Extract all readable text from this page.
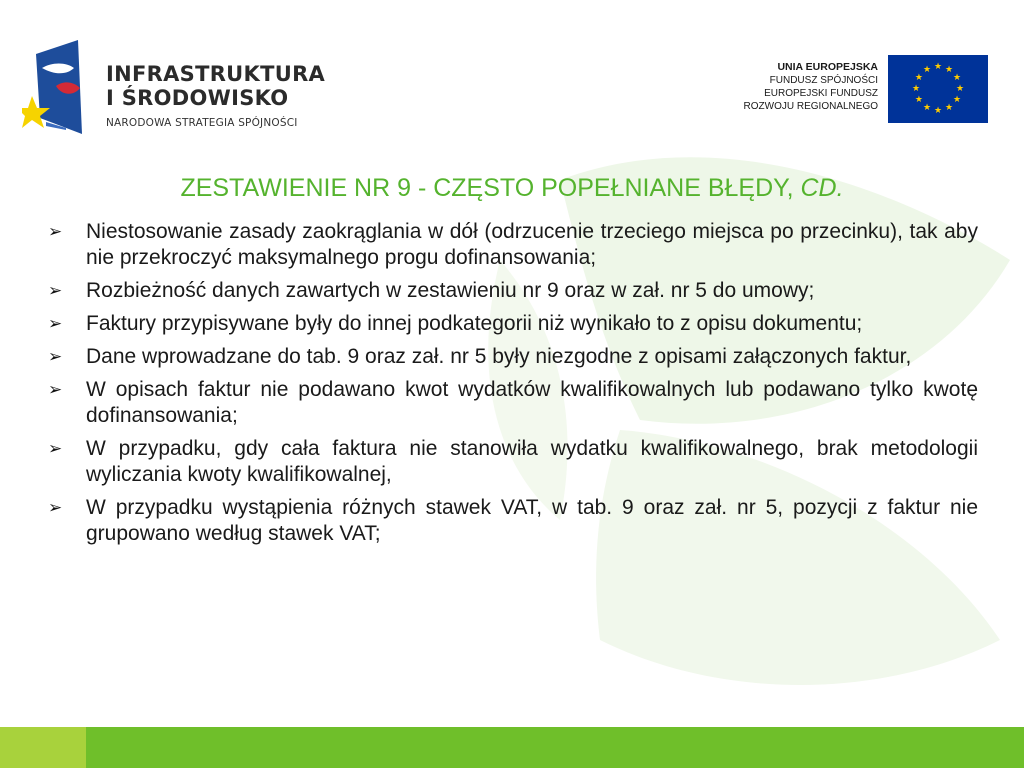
INFRASTRUKTURA
I ŚRODOWISKO
NARODOWA STRATEGIA SPÓJNOŚCI
UNIA EUROPEJSKA
FUNDUSZ SPÓJNOŚCI
EUROPEJSKI FUNDUSZ
ROZWOJU REGIONALNEGO
★ ★
★
★
★
★
★
★
★
★
★
★
ZESTAWIENIE NR 9 - CZĘSTO POPEŁNIANE BŁĘDY, CD.
➢ Niestosowanie zasady zaokrąglania w dół (odrzucenie trzeciego miejsca po przecinku), tak aby nie przekroczyć maksymalnego progu dofinansowania;
➢ Rozbieżność danych zawartych w zestawieniu nr 9 oraz w zał. nr 5 do umowy;
➢ Faktury przypisywane były do innej podkategorii niż wynikało to z opisu dokumentu;
➢ Dane wprowadzane do tab. 9 oraz zał. nr 5 były niezgodne z opisami załączonych faktur,
➢ W opisach faktur nie podawano kwot wydatków kwalifikowalnych lub podawano tylko kwotę dofinansowania;
➢ W przypadku, gdy cała faktura nie stanowiła wydatku kwalifikowalnego, brak metodologii wyliczania kwoty kwalifikowalnej,
➢ W przypadku wystąpienia różnych stawek VAT, w tab. 9 oraz zał. nr 5, pozycji z faktur nie grupowano według stawek VAT;
